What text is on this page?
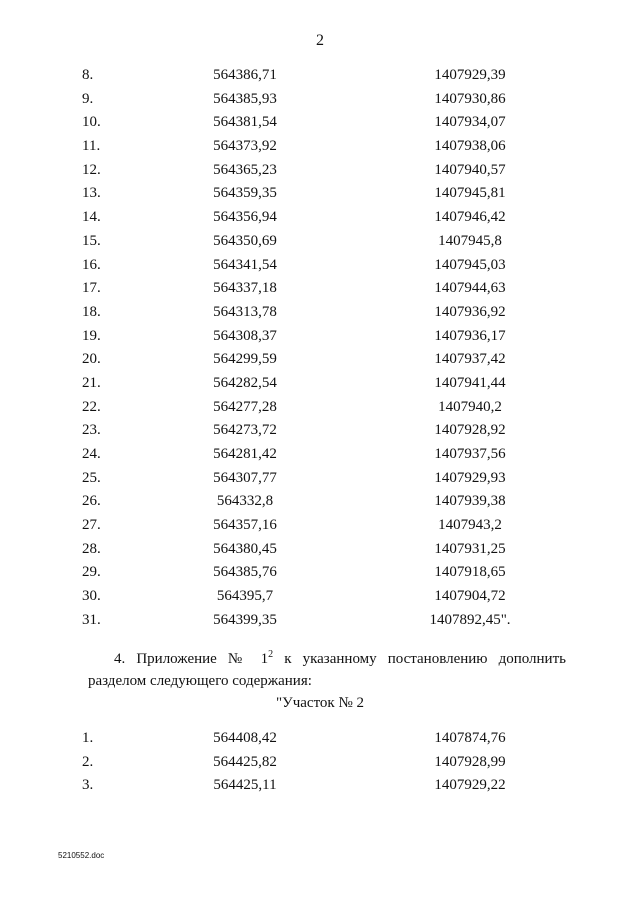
2
8.	564386,71	1407929,39
9.	564385,93	1407930,86
10.	564381,54	1407934,07
11.	564373,92	1407938,06
12.	564365,23	1407940,57
13.	564359,35	1407945,81
14.	564356,94	1407946,42
15.	564350,69	1407945,8
16.	564341,54	1407945,03
17.	564337,18	1407944,63
18.	564313,78	1407936,92
19.	564308,37	1407936,17
20.	564299,59	1407937,42
21.	564282,54	1407941,44
22.	564277,28	1407940,2
23.	564273,72	1407928,92
24.	564281,42	1407937,56
25.	564307,77	1407929,93
26.	564332,8	1407939,38
27.	564357,16	1407943,2
28.	564380,45	1407931,25
29.	564385,76	1407918,65
30.	564395,7	1407904,72
31.	564399,35	1407892,45".
4. Приложение № $1^2$ к указанному постановлению дополнить
разделом следующего содержания:
"Участок № 2
1.	564408,42	1407874,76
2.	564425,82	1407928,99
3.	564425,11	1407929,22
5210552.doc
